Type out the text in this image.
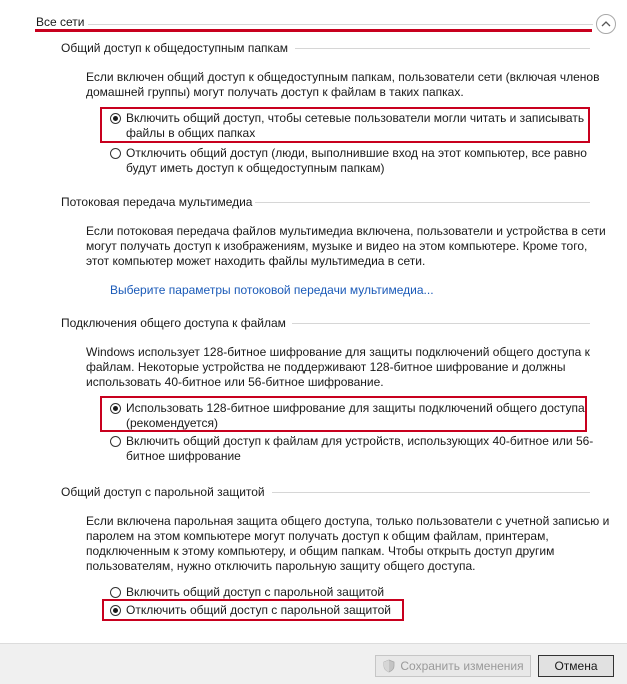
Все сети
Общий доступ к общедоступным папкам
Если включен общий доступ к общедоступным папкам, пользователи сети (включая членов домашней группы) могут получать доступ к файлам в таких папках.
Включить общий доступ, чтобы сетевые пользователи могли читать и записывать файлы в общих папках
Отключить общий доступ (люди, выполнившие вход на этот компьютер, все равно будут иметь доступ к общедоступным папкам)
Потоковая передача мультимедиа
Если потоковая передача файлов мультимедиа включена, пользователи и устройства в сети могут получать доступ к изображениям, музыке и видео на этом компьютере. Кроме того, этот компьютер может находить файлы мультимедиа в сети.
Выберите параметры потоковой передачи мультимедиа...
Подключения общего доступа к файлам
Windows использует 128-битное шифрование для защиты подключений общего доступа к файлам. Некоторые устройства не поддерживают 128-битное шифрование и должны использовать 40-битное или 56-битное шифрование.
Использовать 128-битное шифрование для защиты подключений общего доступа (рекомендуется)
Включить общий доступ к файлам для устройств, использующих 40-битное или 56-битное шифрование
Общий доступ с парольной защитой
Если включена парольная защита общего доступа, только пользователи с учетной записью и паролем на этом компьютере могут получать доступ к общим файлам, принтерам, подключенным к этому компьютеру, и общим папкам. Чтобы открыть доступ другим пользователям, нужно отключить парольную защиту общего доступа.
Включить общий доступ с парольной защитой
Отключить общий доступ с парольной защитой
Сохранить изменения	Отмена
